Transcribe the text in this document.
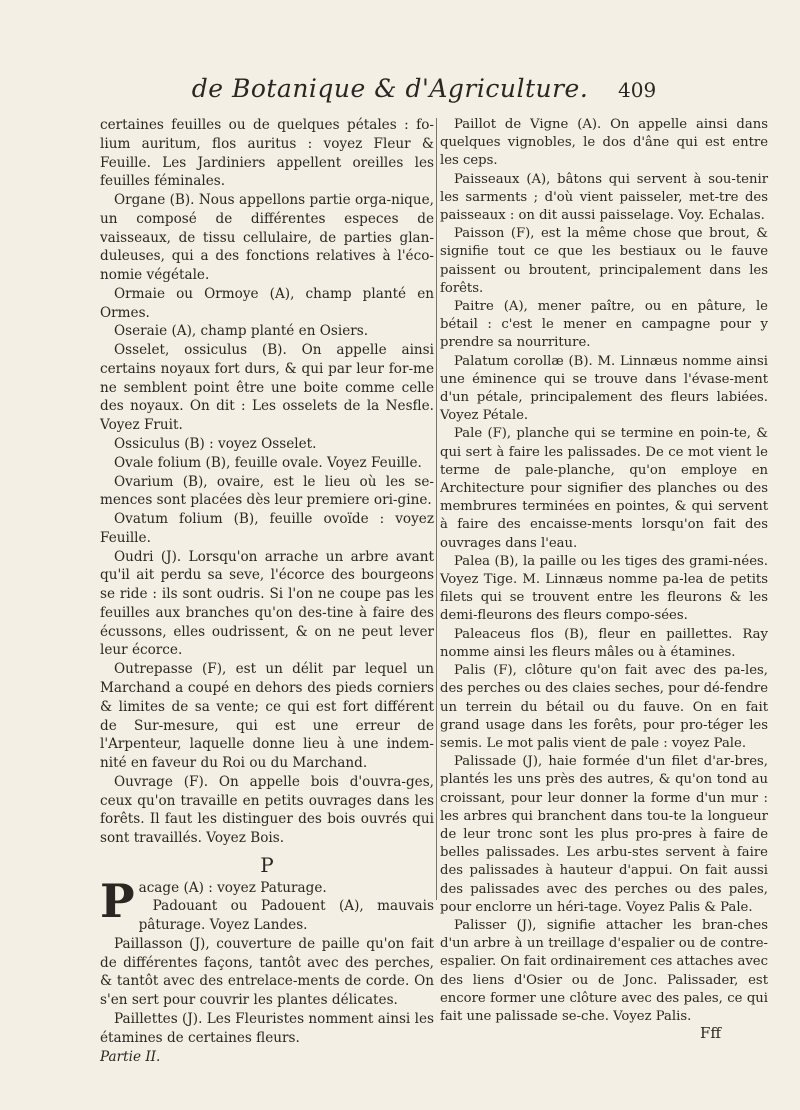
de Botanique & d'Agriculture.	409

certaines feuilles ou de quelques pétales : fo-lium auritum, flos auritus : voyez Fleur & Feuille. Les Jardiniers appellent oreilles les feuilles féminales.

Organe (B). Nous appellons partie orga-nique, un composé de différentes especes de vaisseaux, de tissu cellulaire, de parties glan-duleuses, qui a des fonctions relatives à l'éco-nomie végétale.

Ormaie ou Ormoye (A), champ planté en Ormes.

Oseraie (A), champ planté en Osiers.

Osselet, ossiculus (B). On appelle ainsi certains noyaux fort durs, & qui par leur for-me ne semblent point être une boite comme celle des noyaux. On dit : Les osselets de la Nesfle. Voyez Fruit.

Ossiculus (B) : voyez Osselet.

Ovale folium (B), feuille ovale. Voyez Feuille.

Ovarium (B), ovaire, est le lieu où les se-mences sont placées dès leur premiere ori-gine.

Ovatum folium (B), feuille ovoïde : voyez Feuille.

Oudri (J). Lorsqu'on arrache un arbre avant qu'il ait perdu sa seve, l'écorce des bourgeons se ride : ils sont oudris. Si l'on ne coupe pas les feuilles aux branches qu'on des-tine à faire des écussons, elles oudrissent, & on ne peut lever leur écorce.

Outrepasse (F), est un délit par lequel un Marchand a coupé en dehors des pieds corniers & limites de sa vente; ce qui est fort différent de Sur-mesure, qui est une erreur de l'Arpenteur, laquelle donne lieu à une indem-nité en faveur du Roi ou du Marchand.

Ouvrage (F). On appelle bois d'ouvra-ges, ceux qu'on travaille en petits ouvrages dans les forêts. Il faut les distinguer des bois ouvrés qui sont travaillés. Voyez Bois.

P

Pacage (A) : voyez Paturage.

Padouant ou Padouent (A), mauvais pâturage. Voyez Landes.

Paillasson (J), couverture de paille qu'on fait de différentes façons, tantôt avec des perches, & tantôt avec des entrelace-ments de corde. On s'en sert pour couvrir les plantes délicates.

Paillettes (J). Les Fleuristes nomment ainsi les étamines de certaines fleurs.

Partie II.

Paillot de Vigne (A). On appelle ainsi dans quelques vignobles, le dos d'âne qui est entre les ceps.

Paisseaux (A), bâtons qui servent à sou-tenir les sarments ; d'où vient paisseler, met-tre des paisseaux : on dit aussi paisselage. Voy. Echalas.

Paisson (F), est la même chose que brout, & signifie tout ce que les bestiaux ou le fauve paissent ou broutent, principalement dans les forêts.

Paitre (A), mener paître, ou en pâture, le bétail : c'est le mener en campagne pour y prendre sa nourriture.

Palatum corollæ (B). M. Linnæus nomme ainsi une éminence qui se trouve dans l'évase-ment d'un pétale, principalement des fleurs labiées. Voyez Pétale.

Pale (F), planche qui se termine en poin-te, & qui sert à faire les palissades. De ce mot vient le terme de pale-planche, qu'on employe en Architecture pour signifier des planches ou des membrures terminées en pointes, & qui servent à faire des encaisse-ments lorsqu'on fait des ouvrages dans l'eau.

Palea (B), la paille ou les tiges des grami-nées. Voyez Tige. M. Linnæus nomme pa-lea de petits filets qui se trouvent entre les fleurons & les demi-fleurons des fleurs compo-sées.

Paleaceus flos (B), fleur en paillettes. Ray nomme ainsi les fleurs mâles ou à étamines.

Palis (F), clôture qu'on fait avec des pa-les, des perches ou des claies seches, pour dé-fendre un terrein du bétail ou du fauve. On en fait grand usage dans les forêts, pour pro-téger les semis. Le mot palis vient de pale : voyez Pale.

Palissade (J), haie formée d'un filet d'ar-bres, plantés les uns près des autres, & qu'on tond au croissant, pour leur donner la forme d'un mur : les arbres qui branchent dans tou-te la longueur de leur tronc sont les plus pro-pres à faire de belles palissades. Les arbu-stes servent à faire des palissades à hauteur d'appui. On fait aussi des palissades avec des perches ou des pales, pour enclorre un héri-tage. Voyez Palis & Pale.

Palisser (J), signifie attacher les bran-ches d'un arbre à un treillage d'espalier ou de contre-espalier. On fait ordinairement ces attaches avec des liens d'Osier ou de Jonc. Palissader, est encore former une clôture avec des pales, ce qui fait une palissade se-che. Voyez Palis.

Fff
